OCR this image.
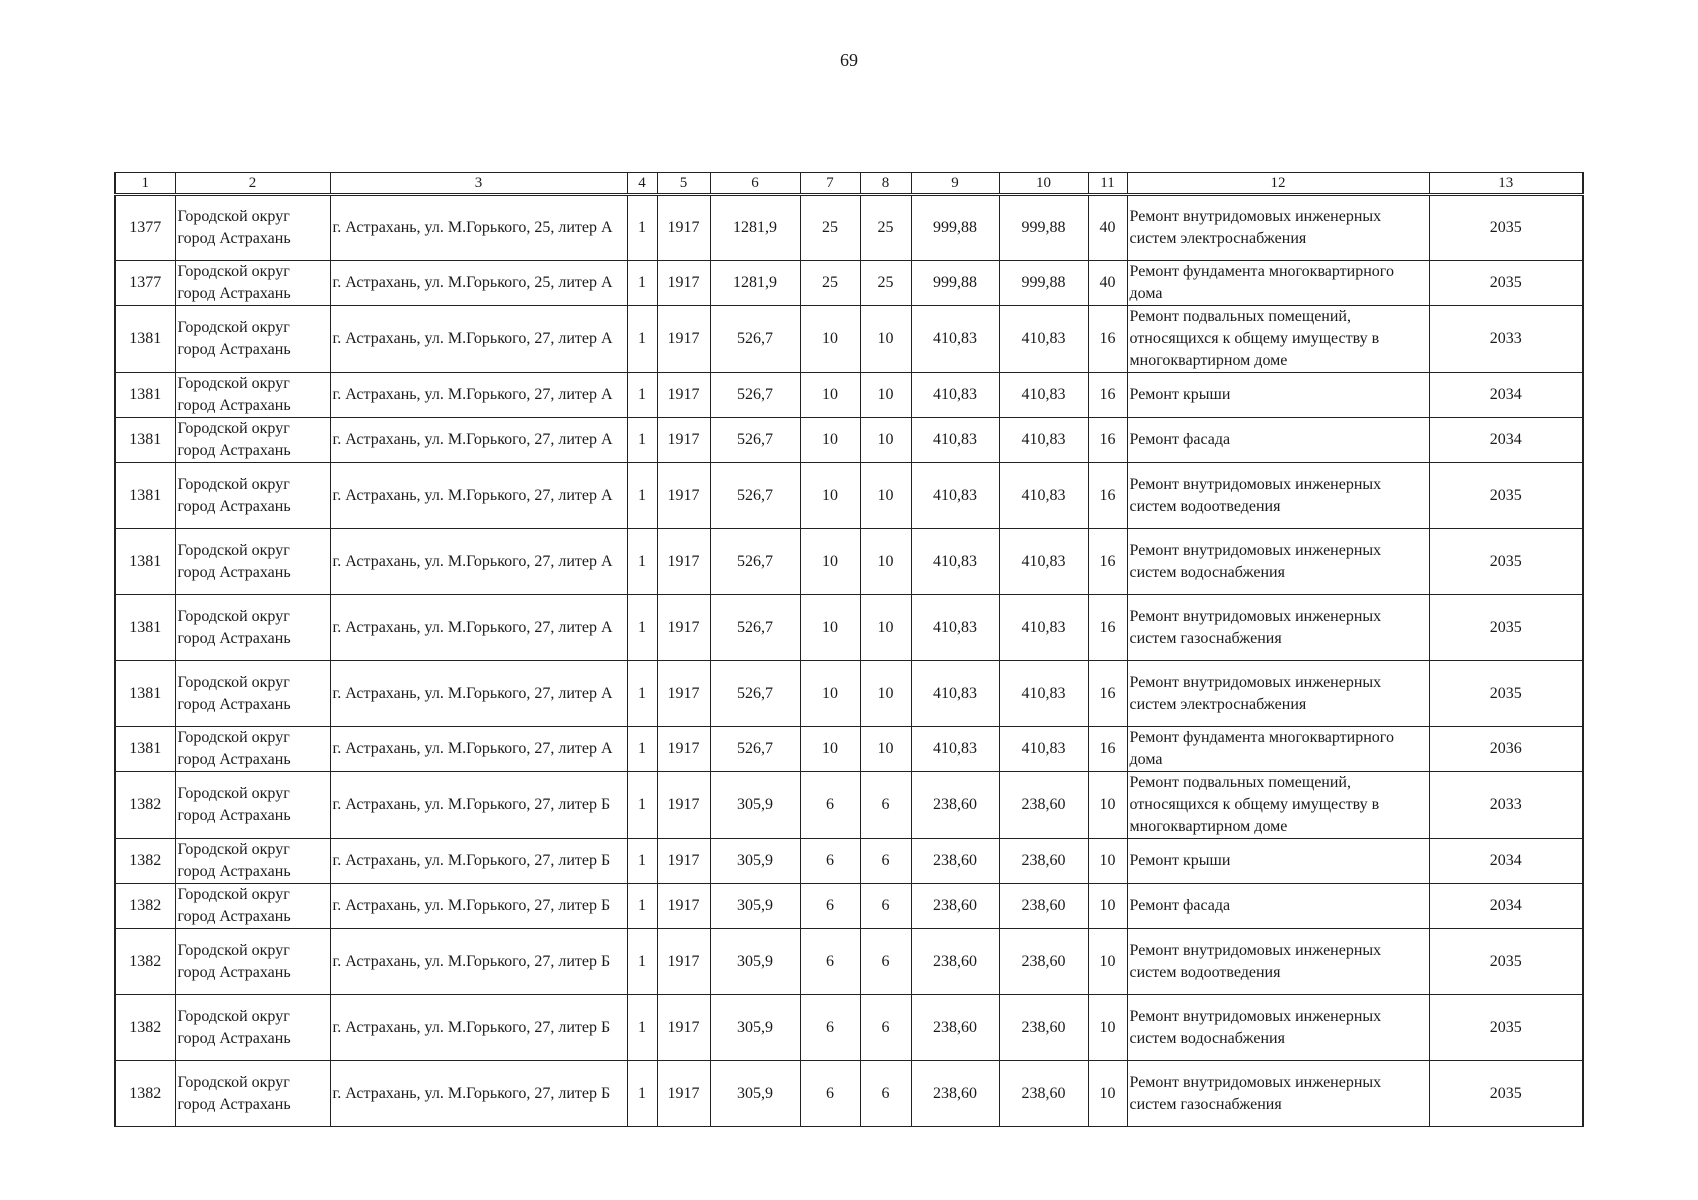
69
1	2	3	4	5	6	7	8	9	10	11	12	13
1377	Городской округ город Астрахань	г. Астрахань, ул. М.Горького, 25, литер А	1	1917	1281,9	25	25	999,88	999,88	40	Ремонт внутридомовых инженерных систем электроснабжения	2035
1377	Городской округ город Астрахань	г. Астрахань, ул. М.Горького, 25, литер А	1	1917	1281,9	25	25	999,88	999,88	40	Ремонт фундамента многоквартирного дома	2035
1381	Городской округ город Астрахань	г. Астрахань, ул. М.Горького, 27, литер А	1	1917	526,7	10	10	410,83	410,83	16	Ремонт подвальных помещений, относящихся к общему имуществу в многоквартирном доме	2033
1381	Городской округ город Астрахань	г. Астрахань, ул. М.Горького, 27, литер А	1	1917	526,7	10	10	410,83	410,83	16	Ремонт крыши	2034
1381	Городской округ город Астрахань	г. Астрахань, ул. М.Горького, 27, литер А	1	1917	526,7	10	10	410,83	410,83	16	Ремонт фасада	2034
1381	Городской округ город Астрахань	г. Астрахань, ул. М.Горького, 27, литер А	1	1917	526,7	10	10	410,83	410,83	16	Ремонт внутридомовых инженерных систем водоотведения	2035
1381	Городской округ город Астрахань	г. Астрахань, ул. М.Горького, 27, литер А	1	1917	526,7	10	10	410,83	410,83	16	Ремонт внутридомовых инженерных систем водоснабжения	2035
1381	Городской округ город Астрахань	г. Астрахань, ул. М.Горького, 27, литер А	1	1917	526,7	10	10	410,83	410,83	16	Ремонт внутридомовых инженерных систем газоснабжения	2035
1381	Городской округ город Астрахань	г. Астрахань, ул. М.Горького, 27, литер А	1	1917	526,7	10	10	410,83	410,83	16	Ремонт внутридомовых инженерных систем электроснабжения	2035
1381	Городской округ город Астрахань	г. Астрахань, ул. М.Горького, 27, литер А	1	1917	526,7	10	10	410,83	410,83	16	Ремонт фундамента многоквартирного дома	2036
1382	Городской округ город Астрахань	г. Астрахань, ул. М.Горького, 27, литер Б	1	1917	305,9	6	6	238,60	238,60	10	Ремонт подвальных помещений, относящихся к общему имуществу в многоквартирном доме	2033
1382	Городской округ город Астрахань	г. Астрахань, ул. М.Горького, 27, литер Б	1	1917	305,9	6	6	238,60	238,60	10	Ремонт крыши	2034
1382	Городской округ город Астрахань	г. Астрахань, ул. М.Горького, 27, литер Б	1	1917	305,9	6	6	238,60	238,60	10	Ремонт фасада	2034
1382	Городской округ город Астрахань	г. Астрахань, ул. М.Горького, 27, литер Б	1	1917	305,9	6	6	238,60	238,60	10	Ремонт внутридомовых инженерных систем водоотведения	2035
1382	Городской округ город Астрахань	г. Астрахань, ул. М.Горького, 27, литер Б	1	1917	305,9	6	6	238,60	238,60	10	Ремонт внутридомовых инженерных систем водоснабжения	2035
1382	Городской округ город Астрахань	г. Астрахань, ул. М.Горького, 27, литер Б	1	1917	305,9	6	6	238,60	238,60	10	Ремонт внутридомовых инженерных систем газоснабжения	2035
